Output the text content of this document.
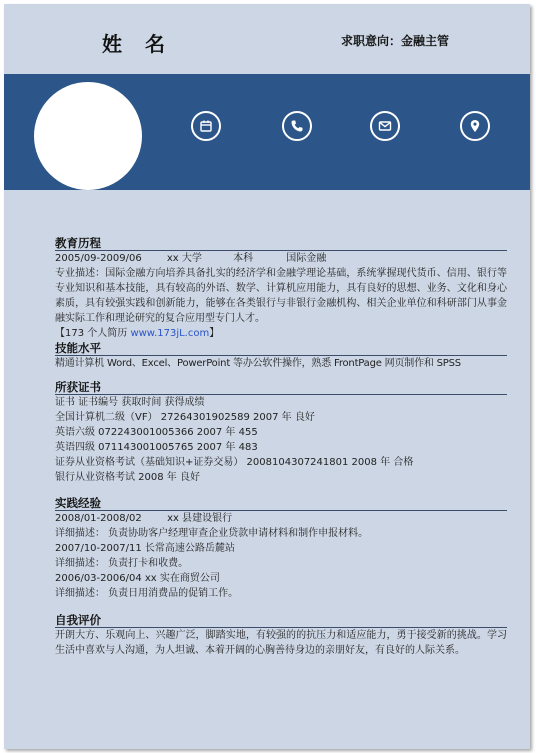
姓 名	求职意向：金融主管
教育历程
2005/09-2009/06	xx 大学	本科	国际金融
专业描述：国际金融方向培养具备扎实的经济学和金融学理论基础，系统掌握现代货币、信用、银行等专业知识和基本技能，具有较高的外语、数学、计算机应用能力，具有良好的思想、业务、文化和身心素质，具有较强实践和创新能力，能够在各类银行与非银行金融机构、相关企业单位和科研部门从事金融实际工作和理论研究的复合应用型专门人才。
【173 个人简历 www.173jL.com】
技能水平
精通计算机 Word、Excel、PowerPoint 等办公软件操作，熟悉 FrontPage 网页制作和 SPSS
所获证书
证书 证书编号 获取时间 获得成绩
全国计算机二级（VF） 27264301902589 2007 年 良好
英语六级 072243001005366 2007 年 455
英语四级 071143001005765 2007 年 483
证券从业资格考试（基础知识+证券交易） 2008104307241801 2008 年 合格
银行从业资格考试 2008 年 良好
实践经验
2008/01-2008/02        xx 县建设银行
详细描述： 负责协助客户经理审查企业贷款申请材料和制作申报材料。
2007/10-2007/11 长常高速公路岳麓站
详细描述： 负责打卡和收费。
2006/03-2006/04 xx 实在商贸公司
详细描述： 负责日用消费品的促销工作。
自我评价
开朗大方、乐观向上、兴趣广泛，脚踏实地，有较强的的抗压力和适应能力，勇于接受新的挑战。学习生活中喜欢与人沟通，为人坦诚、本着开阔的心胸善待身边的亲朋好友，有良好的人际关系。
